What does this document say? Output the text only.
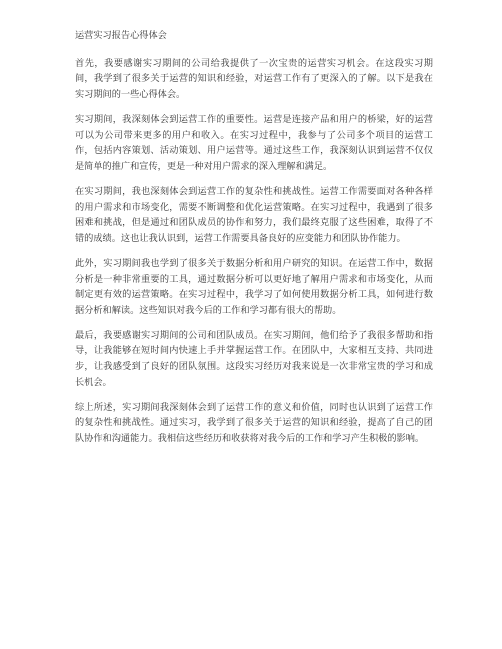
运营实习报告心得体会

首先，我要感谢实习期间的公司给我提供了一次宝贵的运营实习机会。在这段实习期间，我学到了很多关于运营的知识和经验，对运营工作有了更深入的了解。以下是我在实习期间的一些心得体会。

实习期间，我深刻体会到运营工作的重要性。运营是连接产品和用户的桥梁，好的运营可以为公司带来更多的用户和收入。在实习过程中，我参与了公司多个项目的运营工作，包括内容策划、活动策划、用户运营等。通过这些工作，我深刻认识到运营不仅仅是简单的推广和宣传，更是一种对用户需求的深入理解和满足。

在实习期间，我也深刻体会到运营工作的复杂性和挑战性。运营工作需要面对各种各样的用户需求和市场变化，需要不断调整和优化运营策略。在实习过程中，我遇到了很多困难和挑战，但是通过和团队成员的协作和努力，我们最终克服了这些困难，取得了不错的成绩。这也让我认识到，运营工作需要具备良好的应变能力和团队协作能力。

此外，实习期间我也学到了很多关于数据分析和用户研究的知识。在运营工作中，数据分析是一种非常重要的工具，通过数据分析可以更好地了解用户需求和市场变化，从而制定更有效的运营策略。在实习过程中，我学习了如何使用数据分析工具，如何进行数据分析和解读。这些知识对我今后的工作和学习都有很大的帮助。

最后，我要感谢实习期间的公司和团队成员。在实习期间，他们给予了我很多帮助和指导，让我能够在短时间内快速上手并掌握运营工作。在团队中，大家相互支持、共同进步，让我感受到了良好的团队氛围。这段实习经历对我来说是一次非常宝贵的学习和成长机会。

综上所述，实习期间我深刻体会到了运营工作的意义和价值，同时也认识到了运营工作的复杂性和挑战性。通过实习，我学到了很多关于运营的知识和经验，提高了自己的团队协作和沟通能力。我相信这些经历和收获将对我今后的工作和学习产生积极的影响。
